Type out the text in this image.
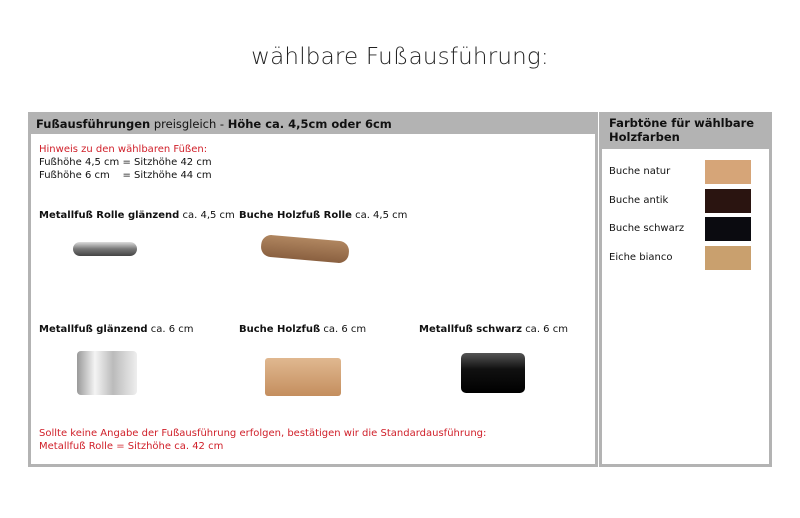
wählbare Fußausführung:
Fußausführungen preisgleich - Höhe ca. 4,5cm oder 6cm
Hinweis zu den wählbaren Füßen:
Fußhöhe 4,5 cm = Sitzhöhe 42 cm
Fußhöhe 6 cm    = Sitzhöhe 44 cm
Metallfuß Rolle glänzend ca. 4,5 cm Buche Holzfuß Rolle ca. 4,5 cm
Metallfuß glänzend ca. 6 cm	Buche Holzfuß ca. 6 cm	Metallfuß schwarz ca. 6 cm
Sollte keine Angabe der Fußausführung erfolgen, bestätigen wir die Standardausführung:
Metallfuß Rolle = Sitzhöhe ca. 42 cm
Farbtöne für wählbare Holzfarben
Buche natur
Buche antik
Buche schwarz
Eiche bianco
